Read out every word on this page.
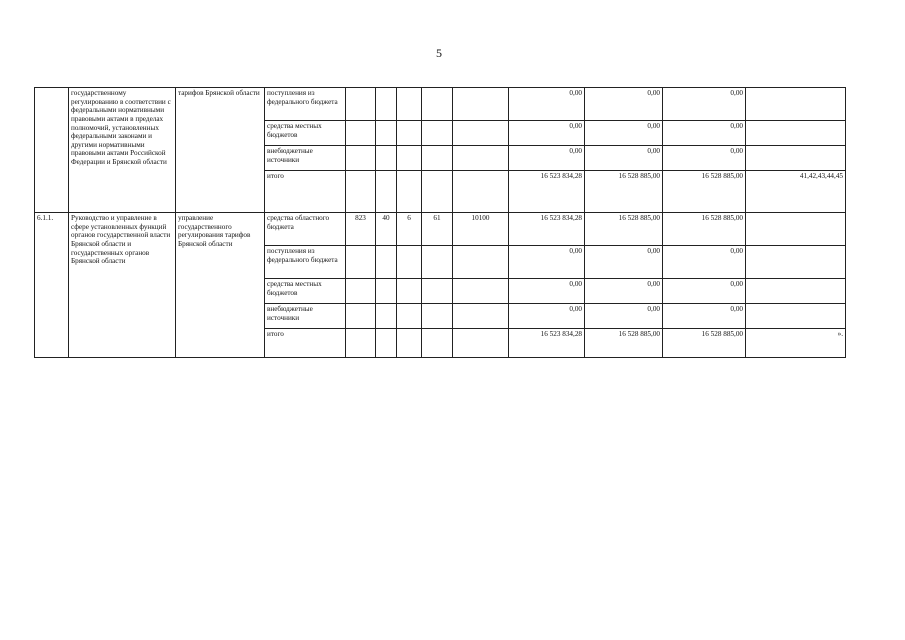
5
	государственному регулированию в соответствии с федеральными нормативными правовыми актами в пределах полномочий, установленных федеральными законами и другими нормативными правовыми актами Российской Федерации и Брянской области	тарифов Брянской области	поступления из федерального бюджета						0,00	0,00	0,00	
			средства местных бюджетов						0,00	0,00	0,00	
			внебюджетные источники						0,00	0,00	0,00	
			итого						16 523 834,28	16 528 885,00	16 528 885,00	41,42,43,44,45
6.1.1.	Руководство и управление в сфере установленных функций органов государственной власти Брянской области и государственных органов Брянской области	управление государственного регулирования тарифов Брянской области	средства областного бюджета	823	40	6	61	10100	16 523 834,28	16 528 885,00	16 528 885,00	
			поступления из федерального бюджета						0,00	0,00	0,00	
			средства местных бюджетов						0,00	0,00	0,00	
			внебюджетные источники						0,00	0,00	0,00	
			итого						16 523 834,28	16 528 885,00	16 528 885,00	».
